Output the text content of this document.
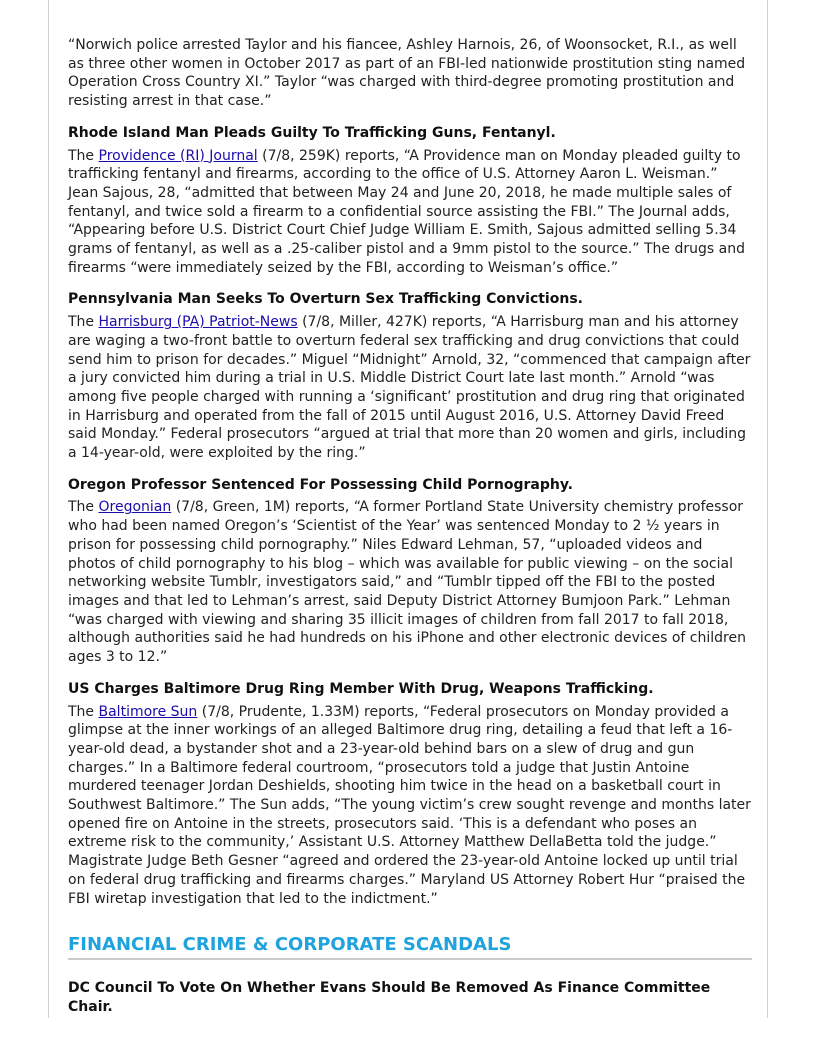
“Norwich police arrested Taylor and his fiancee, Ashley Harnois, 26, of Woonsocket, R.I., as well as three other women in October 2017 as part of an FBI-led nationwide prostitution sting named Operation Cross Country XI.” Taylor “was charged with third-degree promoting prostitution and resisting arrest in that case.”

Rhode Island Man Pleads Guilty To Trafficking Guns, Fentanyl.

The Providence (RI) Journal (7/8, 259K) reports, “A Providence man on Monday pleaded guilty to trafficking fentanyl and firearms, according to the office of U.S. Attorney Aaron L. Weisman.” Jean Sajous, 28, “admitted that between May 24 and June 20, 2018, he made multiple sales of fentanyl, and twice sold a firearm to a confidential source assisting the FBI.” The Journal adds, “Appearing before U.S. District Court Chief Judge William E. Smith, Sajous admitted selling 5.34 grams of fentanyl, as well as a .25-caliber pistol and a 9mm pistol to the source.” The drugs and firearms “were immediately seized by the FBI, according to Weisman’s office.”

Pennsylvania Man Seeks To Overturn Sex Trafficking Convictions.

The Harrisburg (PA) Patriot-News (7/8, Miller, 427K) reports, “A Harrisburg man and his attorney are waging a two-front battle to overturn federal sex trafficking and drug convictions that could send him to prison for decades.” Miguel “Midnight” Arnold, 32, “commenced that campaign after a jury convicted him during a trial in U.S. Middle District Court late last month.” Arnold “was among five people charged with running a ‘significant’ prostitution and drug ring that originated in Harrisburg and operated from the fall of 2015 until August 2016, U.S. Attorney David Freed said Monday.” Federal prosecutors “argued at trial that more than 20 women and girls, including a 14-year-old, were exploited by the ring.”

Oregon Professor Sentenced For Possessing Child Pornography.

The Oregonian (7/8, Green, 1M) reports, “A former Portland State University chemistry professor who had been named Oregon’s ‘Scientist of the Year’ was sentenced Monday to 2 ½ years in prison for possessing child pornography.” Niles Edward Lehman, 57, “uploaded videos and photos of child pornography to his blog – which was available for public viewing – on the social networking website Tumblr, investigators said,” and “Tumblr tipped off the FBI to the posted images and that led to Lehman’s arrest, said Deputy District Attorney Bumjoon Park.” Lehman “was charged with viewing and sharing 35 illicit images of children from fall 2017 to fall 2018, although authorities said he had hundreds on his iPhone and other electronic devices of children ages 3 to 12.”

US Charges Baltimore Drug Ring Member With Drug, Weapons Trafficking.

The Baltimore Sun (7/8, Prudente, 1.33M) reports, “Federal prosecutors on Monday provided a glimpse at the inner workings of an alleged Baltimore drug ring, detailing a feud that left a 16-year-old dead, a bystander shot and a 23-year-old behind bars on a slew of drug and gun charges.” In a Baltimore federal courtroom, “prosecutors told a judge that Justin Antoine murdered teenager Jordan Deshields, shooting him twice in the head on a basketball court in Southwest Baltimore.” The Sun adds, “The young victim’s crew sought revenge and months later opened fire on Antoine in the streets, prosecutors said. ‘This is a defendant who poses an extreme risk to the community,’ Assistant U.S. Attorney Matthew DellaBetta told the judge.” Magistrate Judge Beth Gesner “agreed and ordered the 23-year-old Antoine locked up until trial on federal drug trafficking and firearms charges.” Maryland US Attorney Robert Hur “praised the FBI wiretap investigation that led to the indictment.”

FINANCIAL CRIME & CORPORATE SCANDALS
DC Council To Vote On Whether Evans Should Be Removed As Finance Committee Chair.
